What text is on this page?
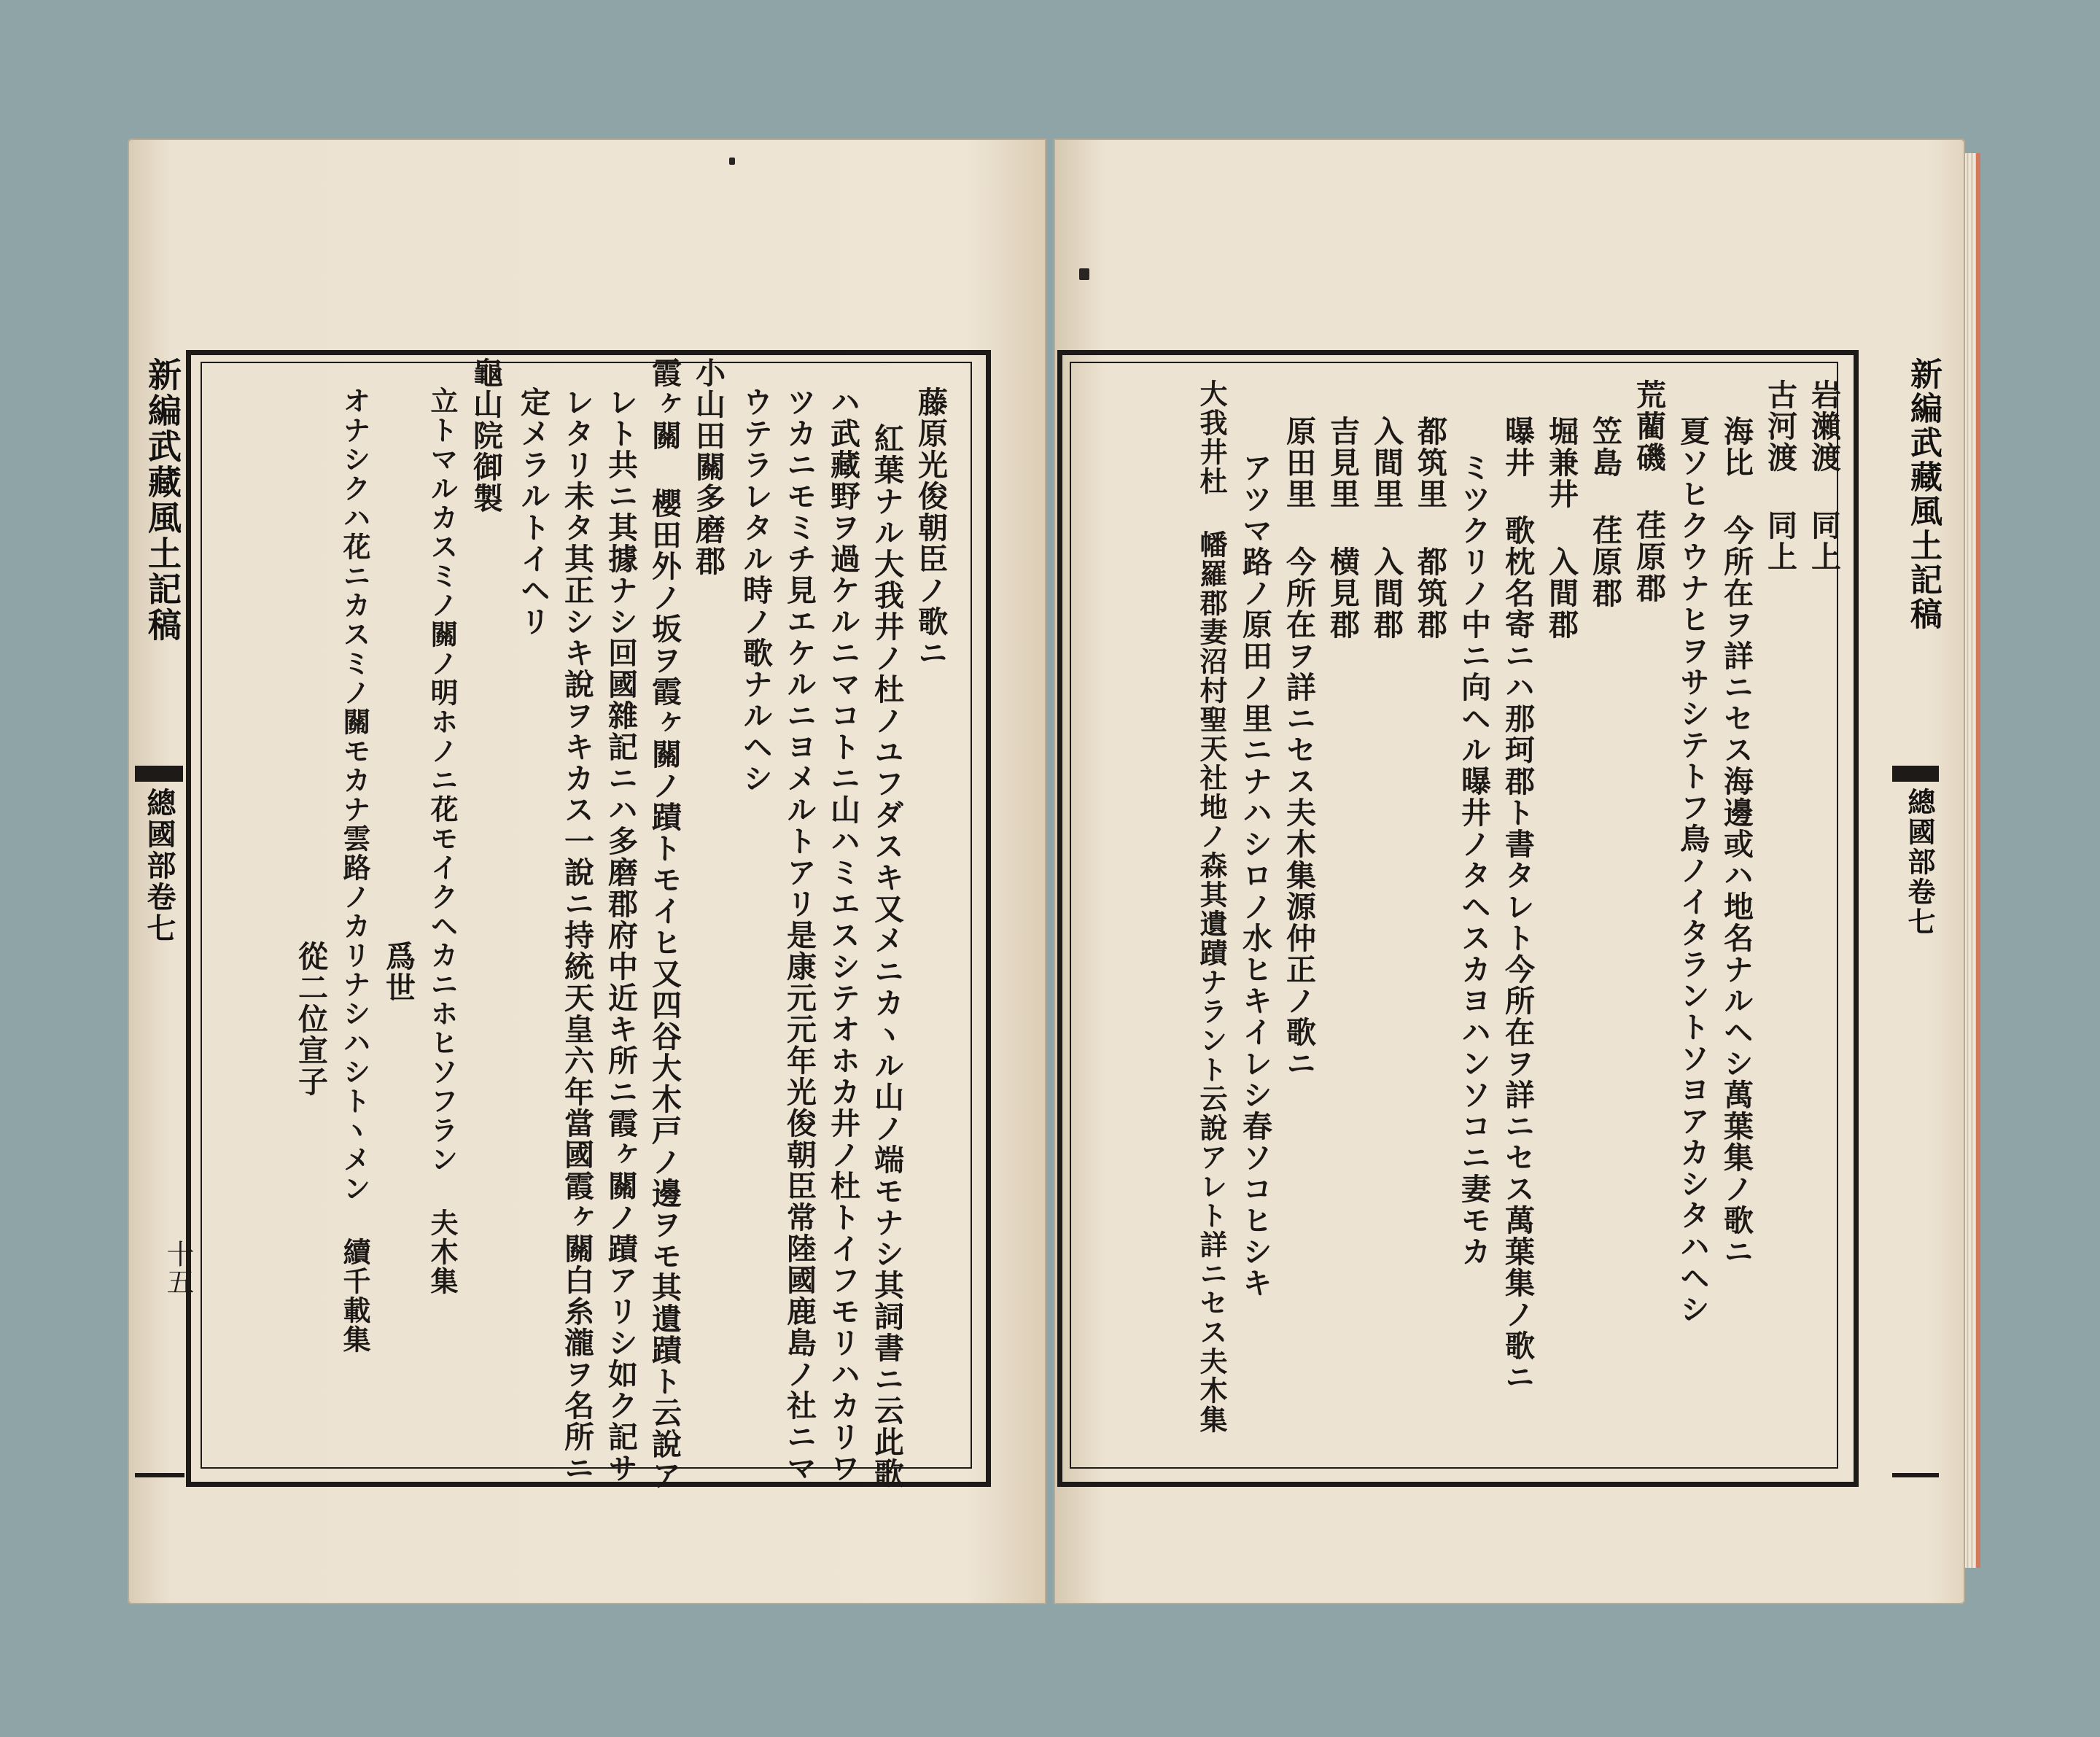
新編武藏風土記稿
總國部卷七
十五
藤原光俊朝臣ノ歌ニ
紅葉ナル大我井ノ杜ノユフダスキ又メニカヽル山ノ端モナシ其詞書ニ云此歌
ハ武藏野ヲ過ケルニマコトニ山ハミエスシテオホカ井ノ杜トイフモリハカリワ
ツカニモミチ見エケルニヨメルトアリ是康元元年光俊朝臣常陸國鹿島ノ社ニマ
ウテラレタル時ノ歌ナルヘシ
小山田關多磨郡
霞ヶ關 櫻田外ノ坂ヲ霞ヶ關ノ蹟トモイヒ又四谷大木戸ノ邊ヲモ其遺蹟ト云說ア
レト共ニ其據ナシ回國雜記ニハ多磨郡府中近キ所ニ霞ヶ關ノ蹟アリシ如ク記サ
レタリ未タ其正シキ說ヲキカス一說ニ持統天皇六年當國霞ヶ關白糸瀧ヲ名所ニ
定メラルトイヘリ
龜山院御製
立トマルカスミノ關ノ明ホノニ花モイクヘカニホヒソフラン 夫木集
爲世
オナシクハ花ニカスミノ關モカナ雲路ノカリナシハシトヽメン 續千載集
從二位宣子
新編武藏風土記稿
總國部卷七
岩瀨渡 同上
古河渡 同上
海比 今所在ヲ詳ニセス海邊或ハ地名ナルヘシ萬葉集ノ歌ニ
夏ソヒクウナヒヲサシテトフ鳥ノイタラントソヨアカシタハヘシ
荒藺磯 荏原郡
笠島 荏原郡
堀兼井 入間郡
曝井 歌枕名寄ニハ那珂郡ト書タレト今所在ヲ詳ニセス萬葉集ノ歌ニ
ミツクリノ中ニ向ヘル曝井ノタヘスカヨハンソコニ妻モカ
都筑里 都筑郡
入間里 入間郡
吉見里 横見郡
原田里 今所在ヲ詳ニセス夫木集源仲正ノ歌ニ
アツマ路ノ原田ノ里ニナハシロノ水ヒキイレシ春ソコヒシキ
大我井杜 幡羅郡妻沼村聖天社地ノ森其遺蹟ナラント云說アレト詳ニセス夫木集
